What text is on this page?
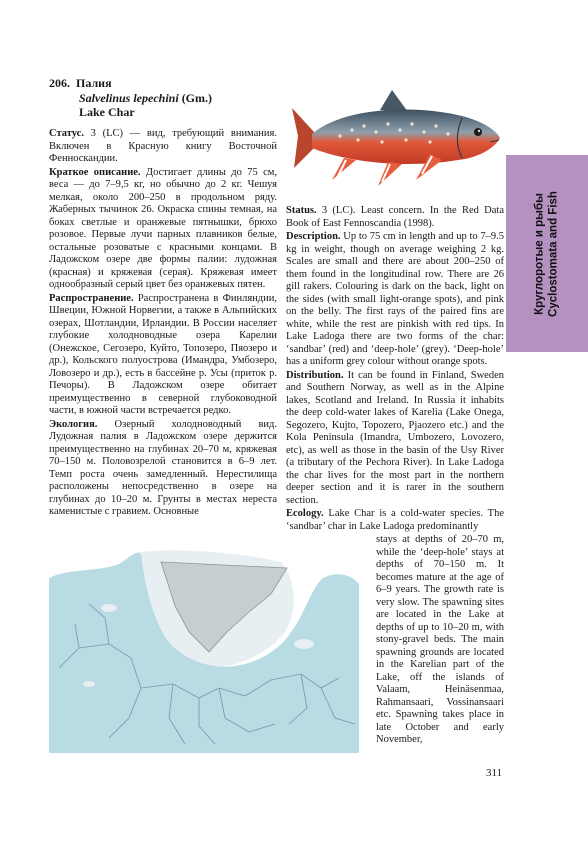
206. Палия
Salvelinus lepechini (Gm.)
Lake Char
Круглоротые и рыбы Cyclostomata and Fish

Статус. 3 (LC) — вид, требующий внимания. Включен в Красную книгу Восточной Фенноскандии.

Краткое описание. Достигает длины до 75 см, веса — до 7–9,5 кг, но обычно до 2 кг. Чешуя мелкая, около 200–250 в продольном ряду. Жаберных тычинок 26. Окраска спины темная, на боках светлые и оранжевые пятнышки, брюхо розовое. Первые лучи парных плавников белые, остальные розоватые с красными концами. В Ладожском озере две формы палии: лудожная (красная) и кряжевая (серая). Кряжевая имеет однообразный серый цвет без оранжевых пятен.

Распространение. Распространена в Финляндии, Швеции, Южной Норвегии, а также в Альпийских озерах, Шотландии, Ирландии. В России населяет глубокие холодноводные озера Карелии (Онежское, Сегозеро, Куйто, Топозеро, Пяозеро и др.), Кольского полуострова (Имандра, Умбозеро, Ловозеро и др.), есть в бассейне р. Усы (приток р. Печоры). В Ладожском озере обитает преимущественно в северной глубоководной части, в южной части встречается редко.

Экология. Озерный холодноводный вид. Лудожная палия в Ладожском озере держится преимущественно на глубинах 20–70 м, кряжевая 70–150 м. Половозрелой становится в 6–9 лет. Темп роста очень замедленный. Нерестилища расположены непосредственно в озере на глубинах до 10–20 м. Грунты в местах нереста каменистые с гравием. Основные

Status. 3 (LC). Least concern. In the Red Data Book of East Fennoscandia (1998).

Description. Up to 75 cm in length and up to 7–9.5 kg in weight, though on average weighing 2 kg. Scales are small and there are about 200–250 of them found in the longitudinal row. There are 26 gill rakers. Colouring is dark on the back, light on the sides (with small light-orange spots), and pink on the belly. The first rays of the paired fins are white, while the rest are pinkish with red tips. In Lake Ladoga there are two forms of the char: ‘sandbar’ (red) and ‘deep-hole’ (grey). ‘Deep-hole’ has a uniform grey colour without orange spots.

Distribution. It can be found in Finland, Sweden and Southern Norway, as well as in the Alpine lakes, Scotland and Ireland. In Russia it inhabits the deep cold-water lakes of Karelia (Lake Onega, Segozero, Kujto, Topozero, Pjaozero etc.) and the Kola Peninsula (Imandra, Umbozero, Lovozero, etc), as well as those in the basin of the Usy River (a tributary of the Pechora River). In Lake Ladoga the char lives for the most part in the northern deeper section and it is rarer in the southern section.

Ecology. Lake Char is a cold-water species. The ‘sandbar’ char in Lake Ladoga predominantly

stays at depths of 20–70 m, while the ‘deep-hole’ stays at depths of 70–150 m. It becomes mature at the age of 6–9 years. The growth rate is very slow. The spawning sites are located in the Lake at depths of up to 10–20 m, with stony-gravel beds. The main spawning grounds are located in the Karelian part of the Lake, off the islands of Valaam, Heinäsenmaa, Rahmansaari, Vossinansaari etc. Spawning takes place in late October and early November,

311
